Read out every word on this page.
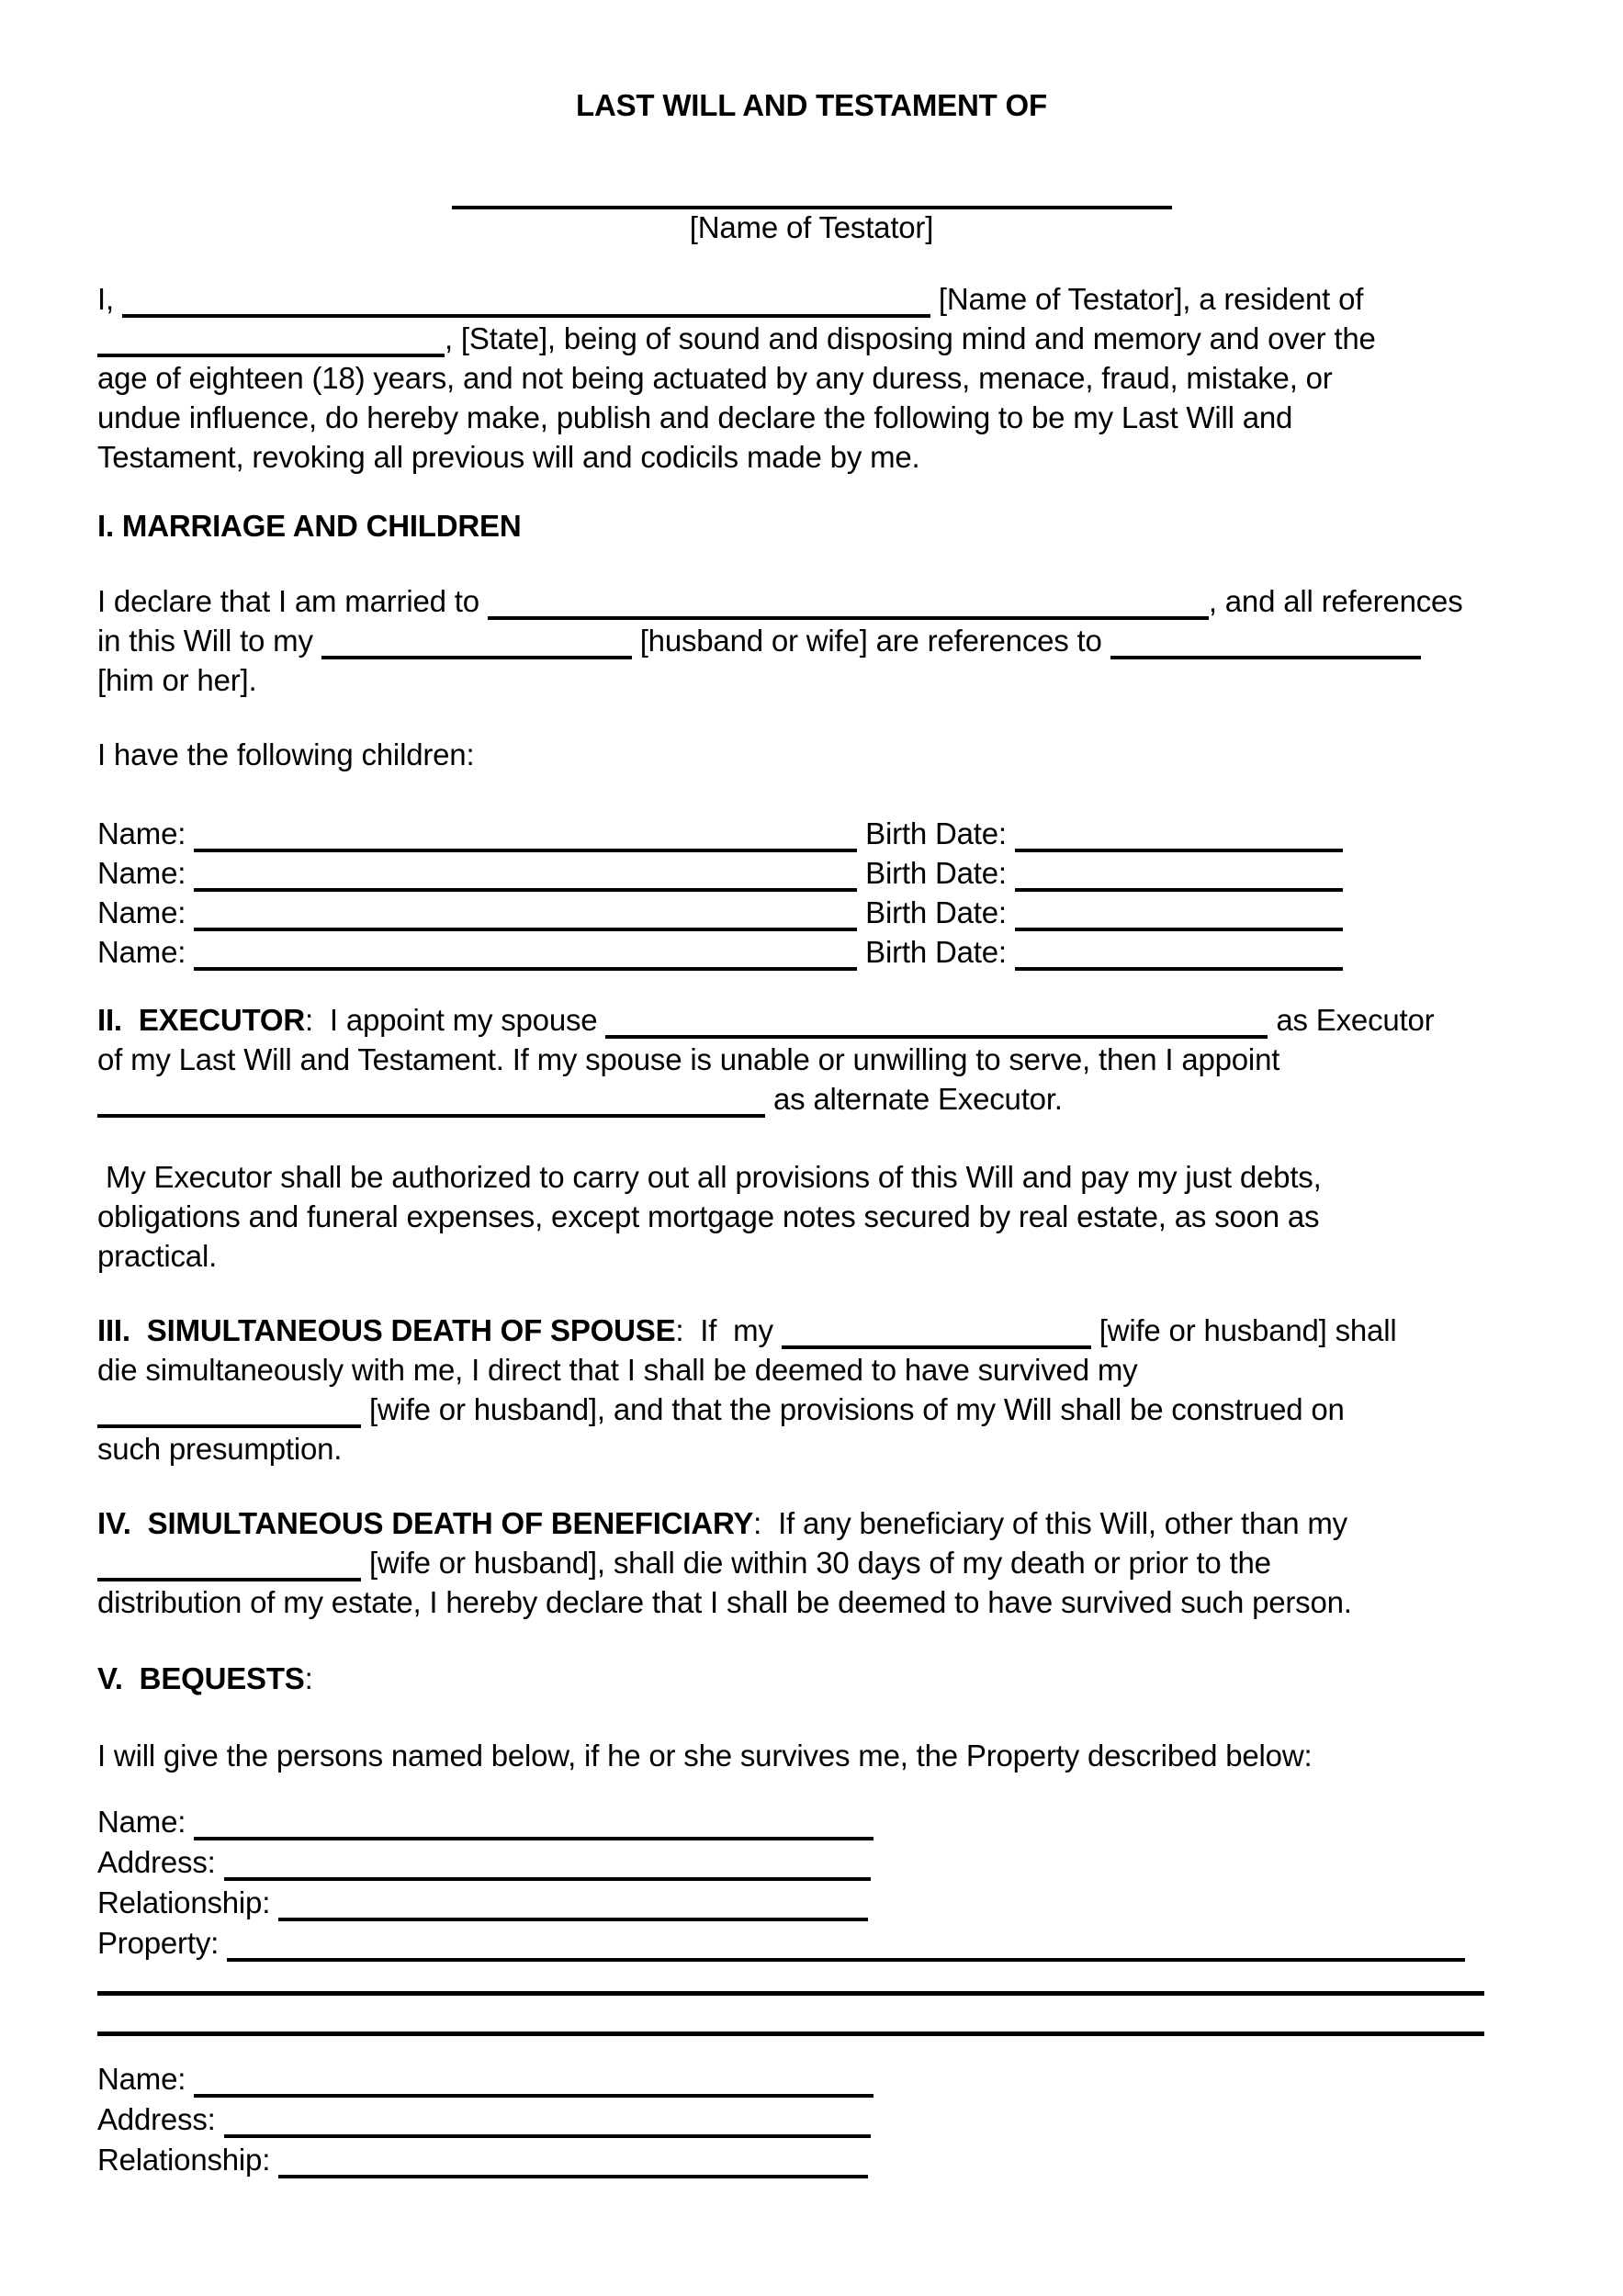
LAST WILL AND TESTAMENT OF
[Name of Testator]
I,	[Name of Testator], a resident of
, [State], being of sound and disposing mind and memory and over the
age of eighteen (18) years, and not being actuated by any duress, menace, fraud, mistake, or
undue influence, do hereby make, publish and declare the following to be my Last Will and
Testament, revoking all previous will and codicils made by me.
I. MARRIAGE AND CHILDREN
I declare that I am married to	, and all references
in this Will to my	[husband or wife] are references to
[him or her].
I have the following children:
Name:	Birth Date:
Name:	Birth Date:
Name:	Birth Date:
Name:	Birth Date:
II.  EXECUTOR:  I appoint my spouse	as Executor
of my Last Will and Testament. If my spouse is unable or unwilling to serve, then I appoint
as alternate Executor.
My Executor shall be authorized to carry out all provisions of this Will and pay my just debts,
obligations and funeral expenses, except mortgage notes secured by real estate, as soon as
practical.
III.  SIMULTANEOUS DEATH OF SPOUSE:  If  my	[wife or husband] shall
die simultaneously with me, I direct that I shall be deemed to have survived my
[wife or husband], and that the provisions of my Will shall be construed on
such presumption.
IV.  SIMULTANEOUS DEATH OF BENEFICIARY:  If any beneficiary of this Will, other than my
[wife or husband], shall die within 30 days of my death or prior to the
distribution of my estate, I hereby declare that I shall be deemed to have survived such person.
V.  BEQUESTS:
I will give the persons named below, if he or she survives me, the Property described below:
Name:
Address:
Relationship:
Property:
Name:
Address:
Relationship:
